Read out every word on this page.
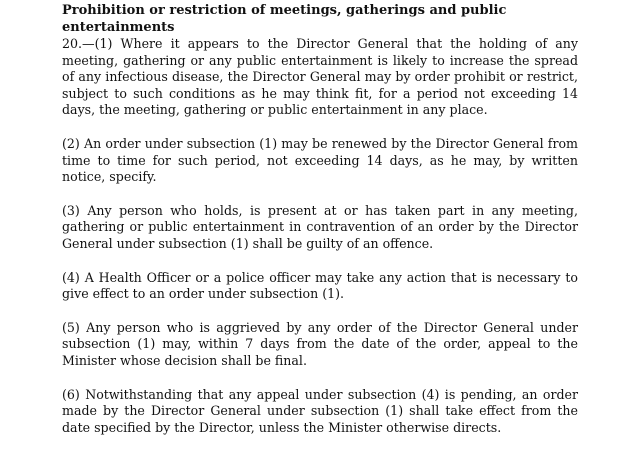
Prohibition or restriction of meetings, gatherings and public entertainments

20.—(1) Where it appears to the Director General that the holding of any meeting, gathering or any public entertainment is likely to increase the spread of any infectious disease, the Director General may by order prohibit or restrict, subject to such conditions as he may think fit, for a period not exceeding 14 days, the meeting, gathering or public entertainment in any place.

(2) An order under subsection (1) may be renewed by the Director General from time to time for such period, not exceeding 14 days, as he may, by written notice, specify.

(3) Any person who holds, is present at or has taken part in any meeting, gathering or public entertainment in contravention of an order by the Director General under subsection (1) shall be guilty of an offence.

(4) A Health Officer or a police officer may take any action that is necessary to give effect to an order under subsection (1).

(5) Any person who is aggrieved by any order of the Director General under subsection (1) may, within 7 days from the date of the order, appeal to the Minister whose decision shall be final.

(6) Notwithstanding that any appeal under subsection (4) is pending, an order made by the Director General under subsection (1) shall take effect from the date specified by the Director, unless the Minister otherwise directs.
